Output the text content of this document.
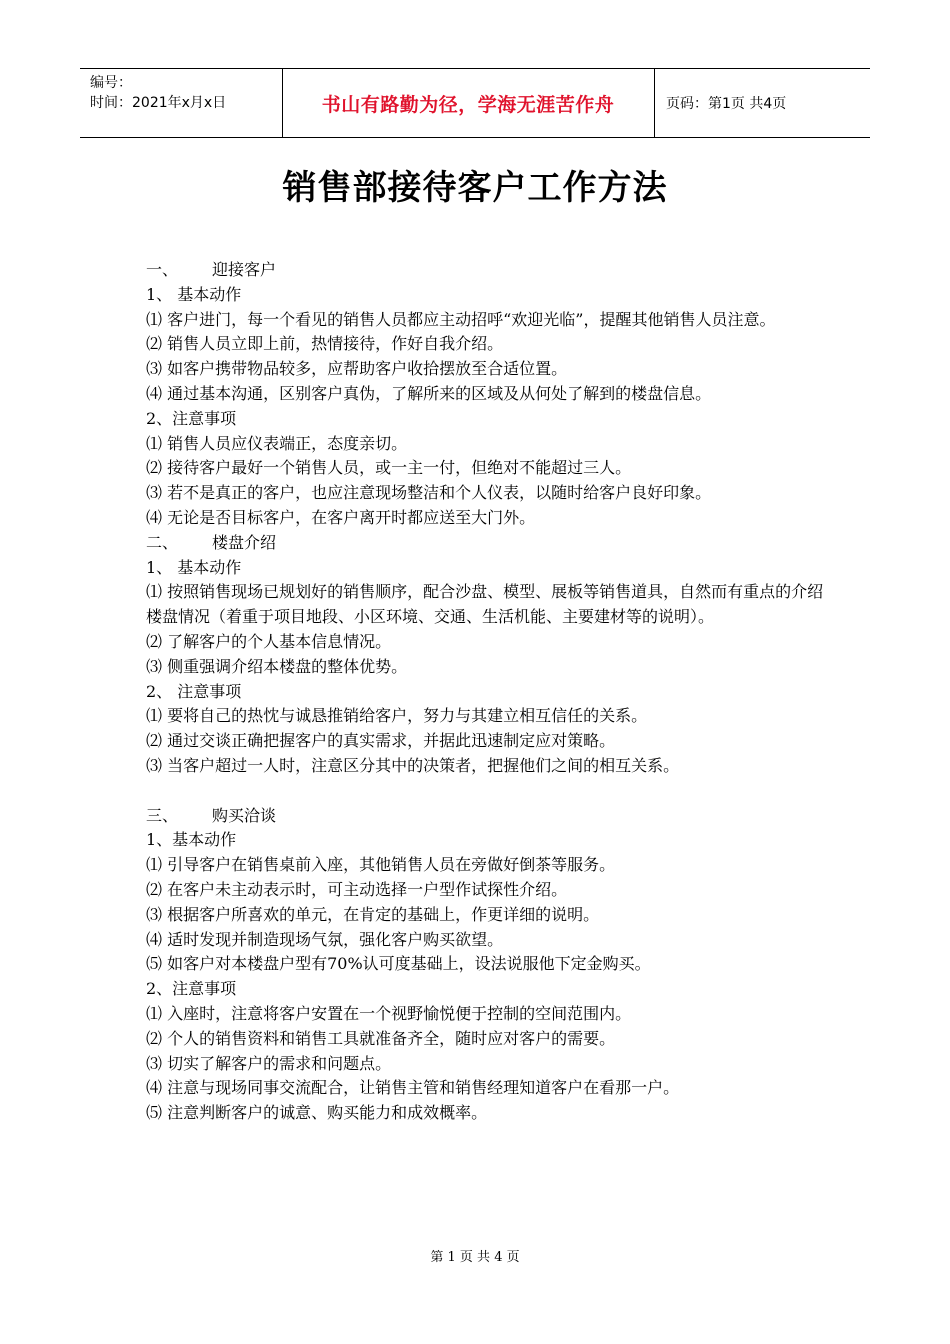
编号：
时间：2021年x月x日	书山有路勤为径，学海无涯苦作舟	页码：第1页 共4页
销售部接待客户工作方法
一、 迎接客户
1、 基本动作
⑴ 客户进门，每一个看见的销售人员都应主动招呼“欢迎光临”，提醒其他销售人员注意。
⑵ 销售人员立即上前，热情接待，作好自我介绍。
⑶ 如客户携带物品较多，应帮助客户收拾摆放至合适位置。
⑷ 通过基本沟通，区别客户真伪，了解所来的区域及从何处了解到的楼盘信息。
2、注意事项
⑴ 销售人员应仪表端正，态度亲切。
⑵ 接待客户最好一个销售人员，或一主一付，但绝对不能超过三人。
⑶ 若不是真正的客户，也应注意现场整洁和个人仪表，以随时给客户良好印象。
⑷ 无论是否目标客户，在客户离开时都应送至大门外。
二、 楼盘介绍
1、 基本动作
⑴ 按照销售现场已规划好的销售顺序，配合沙盘、模型、展板等销售道具，自然而有重点的介绍楼盘情况（着重于项目地段、小区环境、交通、生活机能、主要建材等的说明）。
⑵ 了解客户的个人基本信息情况。
⑶ 侧重强调介绍本楼盘的整体优势。
2、 注意事项
⑴ 要将自己的热忱与诚恳推销给客户，努力与其建立相互信任的关系。
⑵ 通过交谈正确把握客户的真实需求，并据此迅速制定应对策略。
⑶ 当客户超过一人时，注意区分其中的决策者，把握他们之间的相互关系。
三、 购买洽谈
1、基本动作
⑴ 引导客户在销售桌前入座，其他销售人员在旁做好倒茶等服务。
⑵ 在客户未主动表示时，可主动选择一户型作试探性介绍。
⑶ 根据客户所喜欢的单元，在肯定的基础上，作更详细的说明。
⑷ 适时发现并制造现场气氛，强化客户购买欲望。
⑸ 如客户对本楼盘户型有70%认可度基础上，设法说服他下定金购买。
2、注意事项
⑴ 入座时，注意将客户安置在一个视野愉悦便于控制的空间范围内。
⑵ 个人的销售资料和销售工具就准备齐全，随时应对客户的需要。
⑶ 切实了解客户的需求和问题点。
⑷ 注意与现场同事交流配合，让销售主管和销售经理知道客户在看那一户。
⑸ 注意判断客户的诚意、购买能力和成效概率。
第 1 页 共 4 页
